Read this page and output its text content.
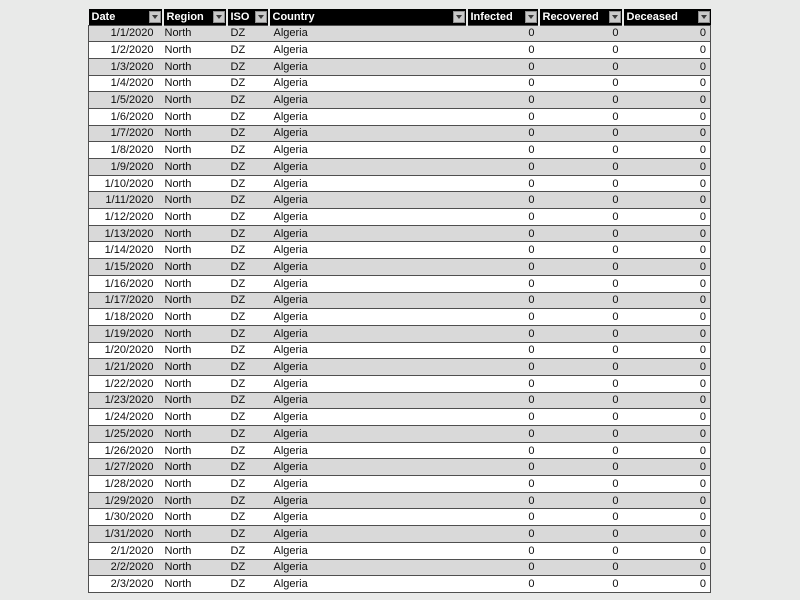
Date	Region	ISO	Country	Infected	Recovered	Deceased

1/1/2020	North	DZ	Algeria	0	0	0
1/2/2020	North	DZ	Algeria	0	0	0
1/3/2020	North	DZ	Algeria	0	0	0
1/4/2020	North	DZ	Algeria	0	0	0
1/5/2020	North	DZ	Algeria	0	0	0
1/6/2020	North	DZ	Algeria	0	0	0
1/7/2020	North	DZ	Algeria	0	0	0
1/8/2020	North	DZ	Algeria	0	0	0
1/9/2020	North	DZ	Algeria	0	0	0
1/10/2020	North	DZ	Algeria	0	0	0
1/11/2020	North	DZ	Algeria	0	0	0
1/12/2020	North	DZ	Algeria	0	0	0
1/13/2020	North	DZ	Algeria	0	0	0
1/14/2020	North	DZ	Algeria	0	0	0
1/15/2020	North	DZ	Algeria	0	0	0
1/16/2020	North	DZ	Algeria	0	0	0
1/17/2020	North	DZ	Algeria	0	0	0
1/18/2020	North	DZ	Algeria	0	0	0
1/19/2020	North	DZ	Algeria	0	0	0
1/20/2020	North	DZ	Algeria	0	0	0
1/21/2020	North	DZ	Algeria	0	0	0
1/22/2020	North	DZ	Algeria	0	0	0
1/23/2020	North	DZ	Algeria	0	0	0
1/24/2020	North	DZ	Algeria	0	0	0
1/25/2020	North	DZ	Algeria	0	0	0
1/26/2020	North	DZ	Algeria	0	0	0
1/27/2020	North	DZ	Algeria	0	0	0
1/28/2020	North	DZ	Algeria	0	0	0
1/29/2020	North	DZ	Algeria	0	0	0
1/30/2020	North	DZ	Algeria	0	0	0
1/31/2020	North	DZ	Algeria	0	0	0
2/1/2020	North	DZ	Algeria	0	0	0
2/2/2020	North	DZ	Algeria	0	0	0
2/3/2020	North	DZ	Algeria	0	0	0
